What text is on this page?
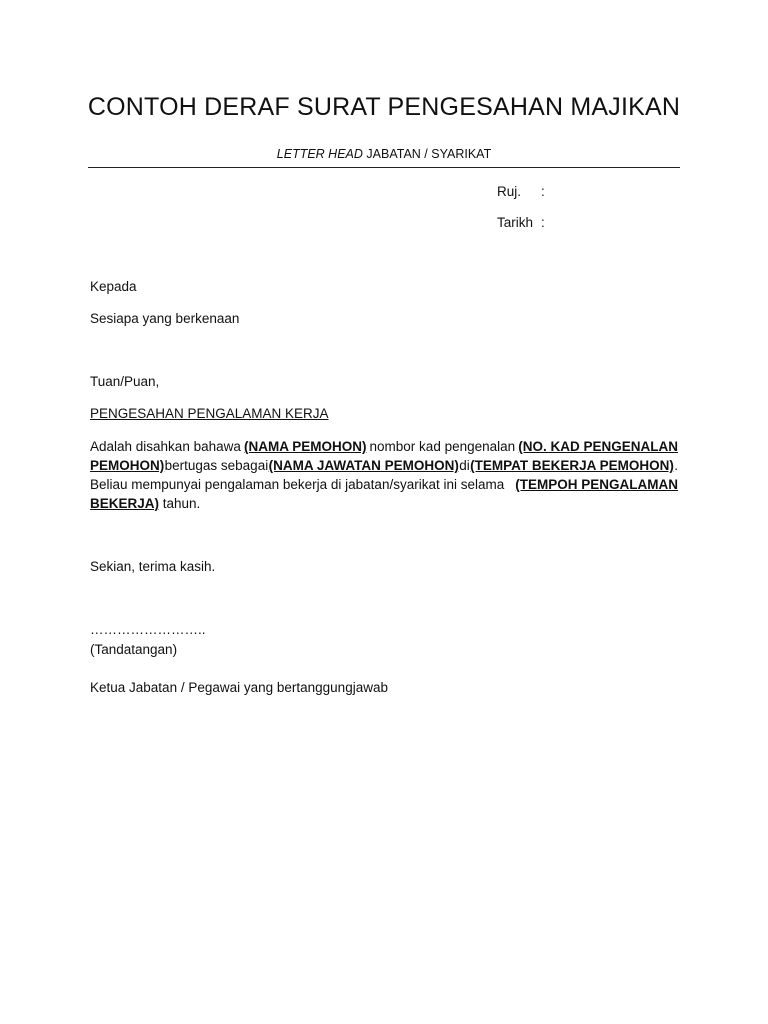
CONTOH DERAF SURAT PENGESAHAN MAJIKAN
LETTER HEAD JABATAN / SYARIKAT
Ruj. :
Tarikh :
Kepada
Sesiapa yang berkenaan
Tuan/Puan,
PENGESAHAN PENGALAMAN KERJA
Adalah disahkan bahawa (NAMA PEMOHON) nombor kad pengenalan (NO. KAD PENGENALAN
PEMOHON) bertugas sebagai (NAMA JAWATAN PEMOHON) di (TEMPAT BEKERJA PEMOHON) .
Beliau mempunyai pengalaman bekerja di jabatan/syarikat ini selama (TEMPOH PENGALAMAN
BEKERJA) tahun.
Sekian, terima kasih.
……………………..
(Tandatangan)
Ketua Jabatan / Pegawai yang bertanggungjawab
